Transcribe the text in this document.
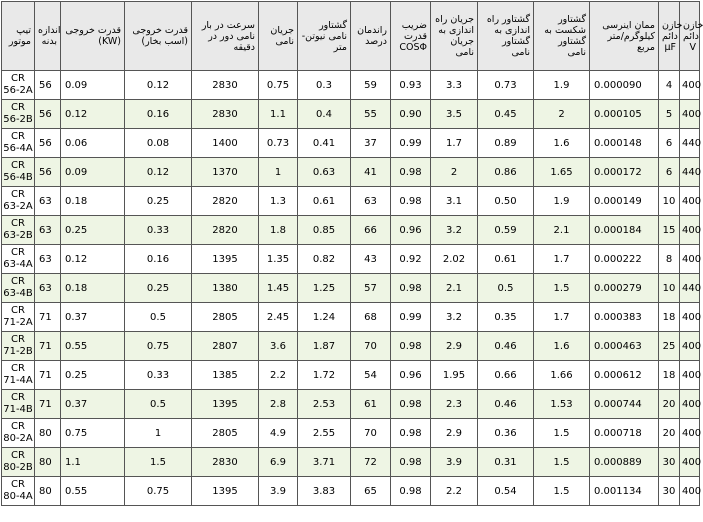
تیپ موتور	اندازه بدنه	قدرت خروجی (KW)	قدرت خروجی (اسب بخار)	سرعت در بار نامی دور در دقیقه	جریان نامی	گشتاور نامی نیوتن-متر	راندمان درصد	ضریب قدرت COSΦ	جریان راه اندازی به جریان نامی	گشتاور راه اندازی به گشتاور نامی	گشتاور شکست به گشتاور نامی	ممان اینرسی کیلوگرم/متر مربع	خازن دائم µF	خازن دائم V
CR 56-2A	56	0.09	0.12	2830	0.75	0.3	59	0.93	3.3	0.73	1.9	0.000090	4	400
CR 56-2B	56	0.12	0.16	2830	1.1	0.4	55	0.90	3.5	0.45	2	0.000105	5	400
CR 56-4A	56	0.06	0.08	1400	0.73	0.41	37	0.99	1.7	0.89	1.6	0.000148	6	440
CR 56-4B	56	0.09	0.12	1370	1	0.63	41	0.98	2	0.86	1.65	0.000172	6	440
CR 63-2A	63	0.18	0.25	2820	1.3	0.61	63	0.98	3.1	0.50	1.9	0.000149	10	400
CR 63-2B	63	0.25	0.33	2820	1.8	0.85	66	0.96	3.2	0.59	2.1	0.000184	15	400
CR 63-4A	63	0.12	0.16	1395	1.35	0.82	43	0.92	2.02	0.61	1.7	0.000222	8	400
CR 63-4B	63	0.18	0.25	1380	1.45	1.25	57	0.98	2.1	0.5	1.5	0.000279	10	440
CR 71-2A	71	0.37	0.5	2805	2.45	1.24	68	0.99	3.2	0.35	1.7	0.000383	18	400
CR 71-2B	71	0.55	0.75	2807	3.6	1.87	70	0.98	2.9	0.46	1.6	0.000463	25	400
CR 71-4A	71	0.25	0.33	1385	2.2	1.72	54	0.96	1.95	0.66	1.66	0.000612	18	400
CR 71-4B	71	0.37	0.5	1395	2.8	2.53	61	0.98	2.3	0.46	1.53	0.000744	20	400
CR 80-2A	80	0.75	1	2805	4.9	2.55	70	0.98	2.9	0.36	1.5	0.000718	20	400
CR 80-2B	80	1.1	1.5	2830	6.9	3.71	72	0.98	3.9	0.31	1.5	0.000889	30	400
CR 80-4A	80	0.55	0.75	1395	3.9	3.83	65	0.98	2.2	0.54	1.5	0.001134	30	400
